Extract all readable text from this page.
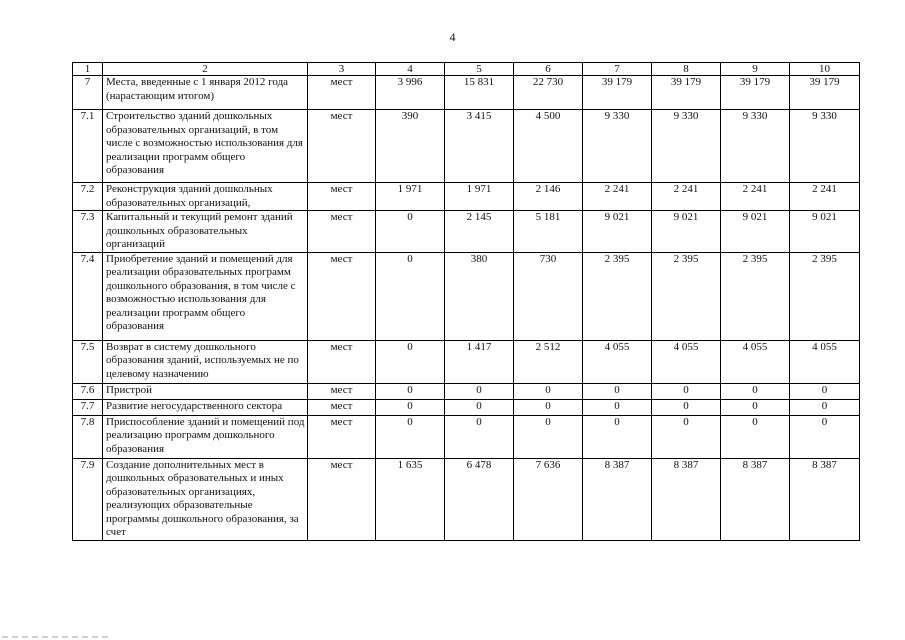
4
1	2	3	4	5	6	7	8	9	10
7	Места, введенные с 1 января 2012 года (нарастающим итогом)	мест	3 996	15 831	22 730	39 179	39 179	39 179	39 179
7.1	Строительство зданий дошкольных образовательных организаций, в том числе с возможностью использования для реализации программ общего образования	мест	390	3 415	4 500	9 330	9 330	9 330	9 330
7.2	Реконструкция зданий дошкольных образовательных организаций,	мест	1 971	1 971	2 146	2 241	2 241	2 241	2 241
7.3	Капитальный и текущий ремонт зданий дошкольных образовательных организаций	мест	0	2 145	5 181	9 021	9 021	9 021	9 021
7.4	Приобретение зданий и помещений для реализации образовательных программ дошкольного образования, в том числе с возможностью использования для реализации программ общего образования	мест	0	380	730	2 395	2 395	2 395	2 395
7.5	Возврат в систему дошкольного образования зданий, используемых не по целевому назначению	мест	0	1 417	2 512	4 055	4 055	4 055	4 055
7.6	Пристрой	мест	0	0	0	0	0	0	0
7.7	Развитие негосударственного сектора	мест	0	0	0	0	0	0	0
7.8	Приспособление зданий и помещений под реализацию программ дошкольного образования	мест	0	0	0	0	0	0	0
7.9	Создание дополнительных мест в дошкольных образовательных и иных образовательных организациях, реализующих образовательные программы дошкольного образования, за счет	мест	1 635	6 478	7 636	8 387	8 387	8 387	8 387
